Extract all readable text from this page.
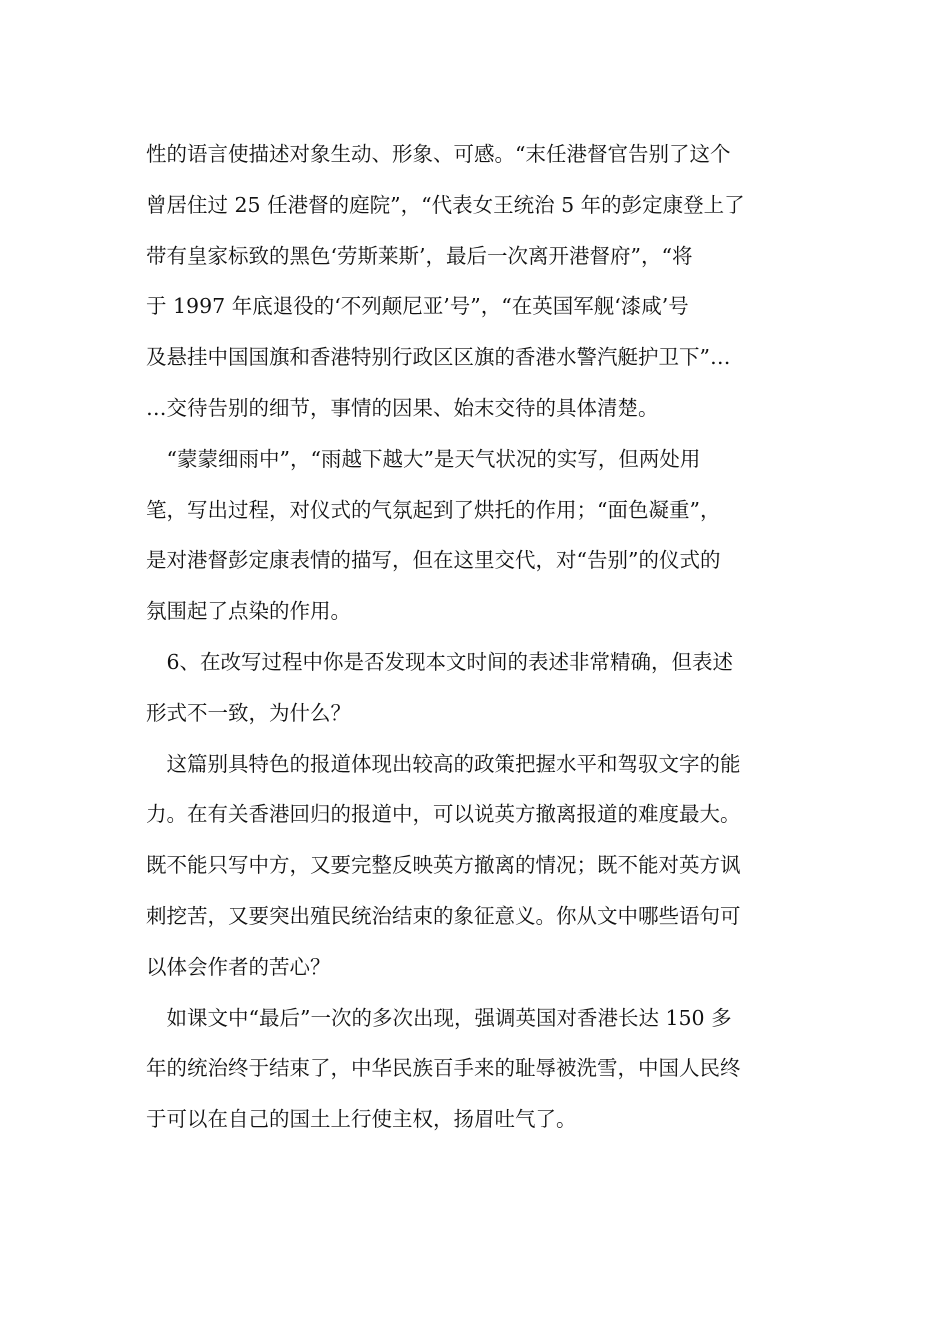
性的语言使描述对象生动、形象、可感。“末任港督官告别了这个
曾居住过 25 任港督的庭院”，“代表女王统治 5 年的彭定康登上了
带有皇家标致的黑色‘劳斯莱斯’，最后一次离开港督府”，“将
于 1997 年底退役的‘不列颠尼亚’号”，“在英国军舰‘漆咸’号
及悬挂中国国旗和香港特别行政区区旗的香港水警汽艇护卫下”…
…交待告别的细节，事情的因果、始末交待的具体清楚。
　“蒙蒙细雨中”，“雨越下越大”是天气状况的实写，但两处用
笔，写出过程，对仪式的气氛起到了烘托的作用；“面色凝重”，
是对港督彭定康表情的描写，但在这里交代，对“告别”的仪式的
氛围起了点染的作用。
　6、在改写过程中你是否发现本文时间的表述非常精确，但表述
形式不一致，为什么？
　这篇别具特色的报道体现出较高的政策把握水平和驾驭文字的能
力。在有关香港回归的报道中，可以说英方撤离报道的难度最大。
既不能只写中方，又要完整反映英方撤离的情况；既不能对英方讽
刺挖苦，又要突出殖民统治结束的象征意义。你从文中哪些语句可
以体会作者的苦心？
　如课文中“最后”一次的多次出现，强调英国对香港长达 150 多
年的统治终于结束了，中华民族百手来的耻辱被洗雪，中国人民终
于可以在自己的国土上行使主权，扬眉吐气了。
